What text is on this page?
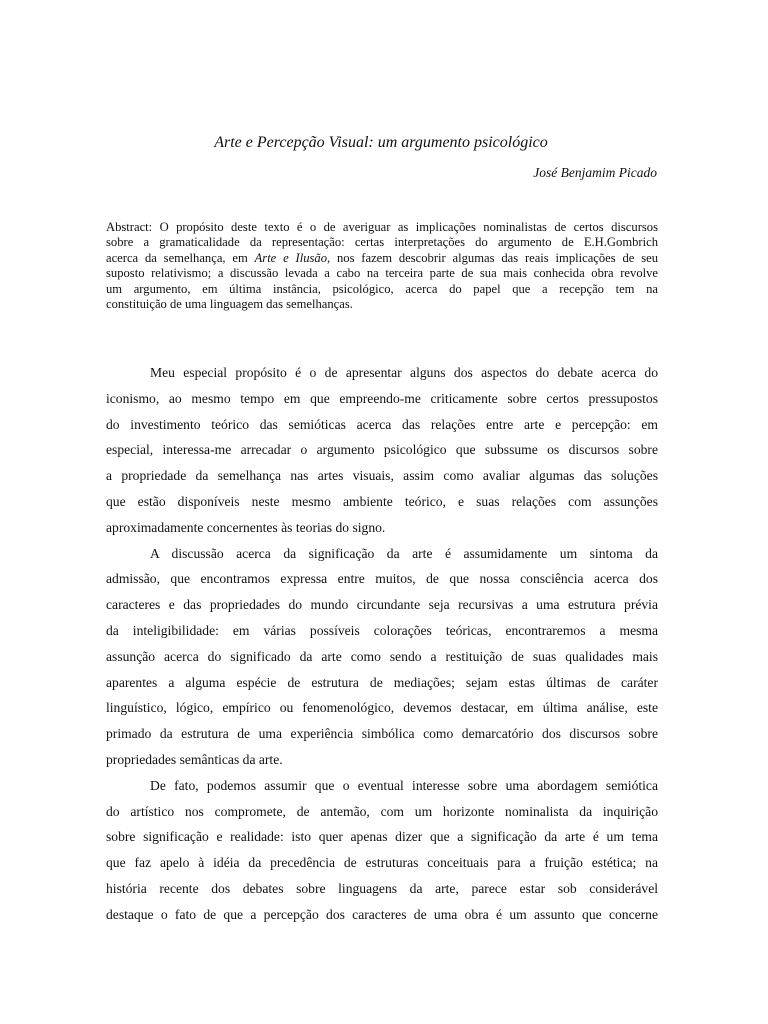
Arte e Percepção Visual: um argumento psicológico
José Benjamim Picado
Abstract: O propósito deste texto é o de averiguar as implicações nominalistas de certos discursos
sobre a gramaticalidade da representação: certas interpretações do argumento de E.H.Gombrich
acerca da semelhança, em Arte e Ilusão, nos fazem descobrir algumas das reais implicações de seu
suposto relativismo; a discussão levada a cabo na terceira parte de sua mais conhecida obra revolve
um argumento, em última instância, psicológico, acerca do papel que a recepção tem na
constituição de uma linguagem das semelhanças.
Meu especial propósito é o de apresentar alguns dos aspectos do debate acerca do
iconismo, ao mesmo tempo em que empreendo-me criticamente sobre certos pressupostos
do investimento teórico das semióticas acerca das relações entre arte e percepção: em
especial, interessa-me arrecadar o argumento psicológico que subssume os discursos sobre
a propriedade da semelhança nas artes visuais, assim como avaliar algumas das soluções
que estão disponíveis neste mesmo ambiente teórico, e suas relações com assunções
aproximadamente concernentes às teorias do signo.
A discussão acerca da significação da arte é assumidamente um sintoma da
admissão, que encontramos expressa entre muitos, de que nossa consciência acerca dos
caracteres e das propriedades do mundo circundante seja recursivas a uma estrutura prévia
da inteligibilidade: em várias possíveis colorações teóricas, encontraremos a mesma
assunção acerca do significado da arte como sendo a restituição de suas qualidades mais
aparentes a alguma espécie de estrutura de mediações; sejam estas últimas de caráter
linguístico, lógico, empírico ou fenomenológico, devemos destacar, em última análise, este
primado da estrutura de uma experiência simbólica como demarcatório dos discursos sobre
propriedades semânticas da arte.
De fato, podemos assumir que o eventual interesse sobre uma abordagem semiótica
do artístico nos compromete, de antemão, com um horizonte nominalista da inquirição
sobre significação e realidade: isto quer apenas dizer que a significação da arte é um tema
que faz apelo à idéia da precedência de estruturas conceituais para a fruição estética; na
história recente dos debates sobre linguagens da arte, parece estar sob considerável
destaque o fato de que a percepção dos caracteres de uma obra é um assunto que concerne
